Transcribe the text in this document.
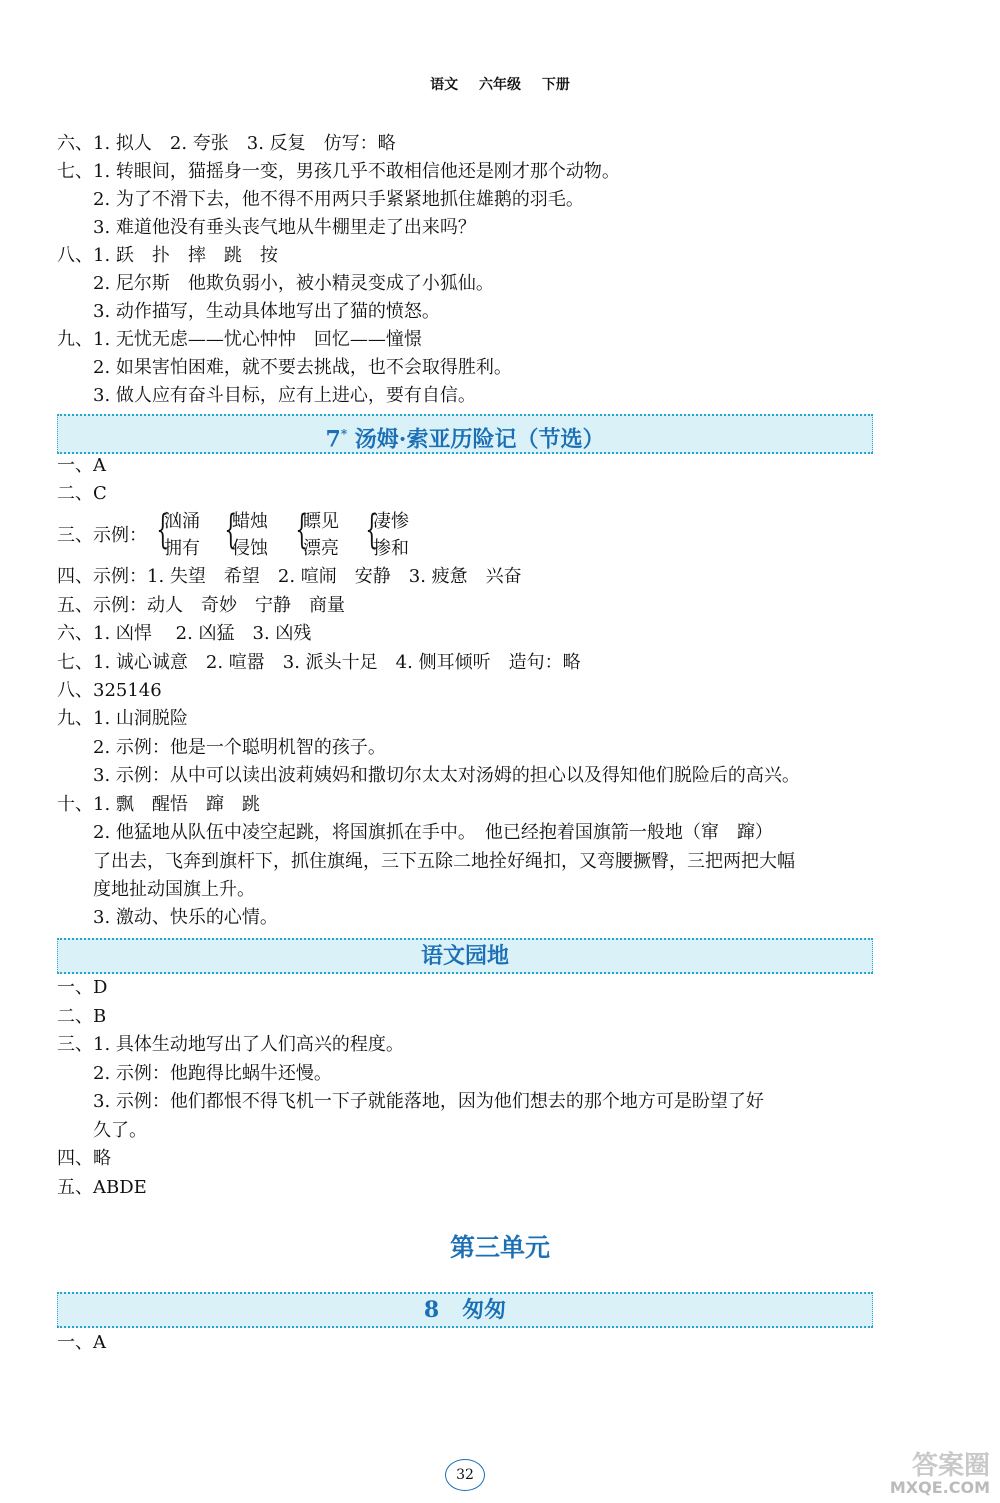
语文 六年级 下册
六、1. 拟人　2. 夸张　3. 反复　仿写：略
七、1. 转眼间，猫摇身一变，男孩几乎不敢相信他还是刚才那个动物。
　　2. 为了不滑下去，他不得不用两只手紧紧地抓住雄鹅的羽毛。
　　3. 难道他没有垂头丧气地从牛棚里走了出来吗？
八、1. 跃　扑　摔　跳　按
　　2. 尼尔斯　他欺负弱小，被小精灵变成了小狐仙。
　　3. 动作描写，生动具体地写出了猫的愤怒。
九、1. 无忧无虑——忧心忡忡　回忆——憧憬
　　2. 如果害怕困难，就不要去挑战，也不会取得胜利。
　　3. 做人应有奋斗目标，应有上进心，要有自信。
7* 汤姆·索亚历险记（节选）
一、A
二、C
三、示例： {
汹涌
拥有 {
蜡烛
侵蚀 {
瞟见
漂亮 {
凄惨
掺和
四、示例：1. 失望　希望　2. 喧闹　安静　3. 疲惫　兴奋
五、示例：动人　奇妙　宁静　商量
六、1. 凶悍　 2. 凶猛　3. 凶残
七、1. 诚心诚意　2. 喧嚣　3. 派头十足　4. 侧耳倾听　造句：略
八、325146
九、1. 山洞脱险
　　2. 示例：他是一个聪明机智的孩子。
　　3. 示例：从中可以读出波莉姨妈和撒切尔太太对汤姆的担心以及得知他们脱险后的高兴。
十、1. 飘　醒悟　蹿　跳
　　2. 他猛地从队伍中凌空起跳，将国旗抓在手中。　他已经抱着国旗箭一般地（窜　蹿）
　　了出去，飞奔到旗杆下，抓住旗绳，三下五除二地拴好绳扣，又弯腰撅臀，三把两把大幅
　　度地扯动国旗上升。
　　3. 激动、快乐的心情。
语文园地
一、D
二、B
三、1. 具体生动地写出了人们高兴的程度。
　　2. 示例：他跑得比蜗牛还慢。
　　3. 示例：他们都恨不得飞机一下子就能落地，因为他们想去的那个地方可是盼望了好
　　久了。
四、略
五、ABDE
第三单元
8 匆匆
一、A
32	答案圈
MXQE.COM
